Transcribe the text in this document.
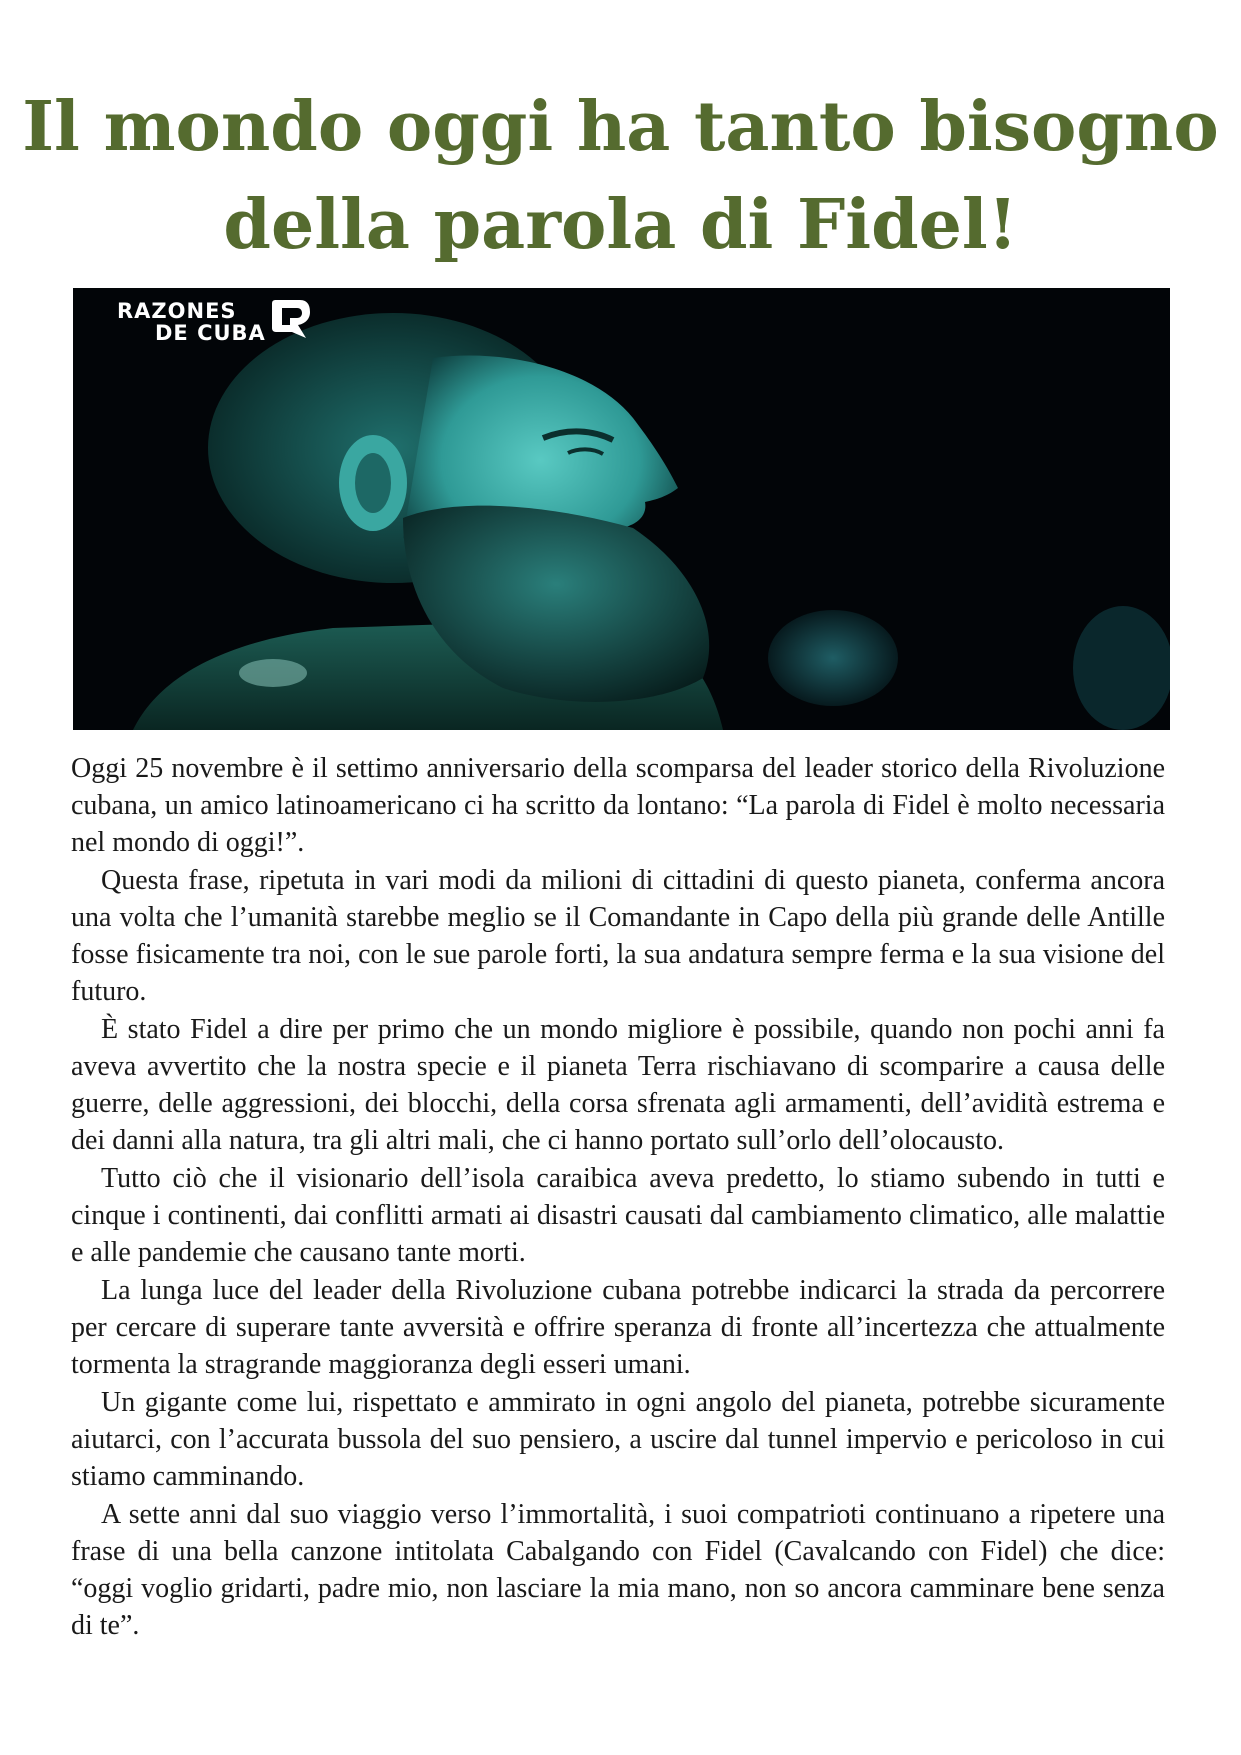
Il mondo oggi ha tanto bisogno
della parola di Fidel!
RAZONES
DE CUBA

Oggi 25 novembre è il settimo anniversario della scomparsa del leader storico della Rivoluzione cubana, un amico latinoamericano ci ha scritto da lontano: “La parola di Fidel è molto necessaria nel mondo di oggi!”.

Questa frase, ripetuta in vari modi da milioni di cittadini di questo pianeta, conferma ancora una volta che l’umanità starebbe meglio se il Comandante in Capo della più grande delle Antille fosse fisicamente tra noi, con le sue parole forti, la sua andatura sempre ferma e la sua visione del futuro.

È stato Fidel a dire per primo che un mondo migliore è possibile, quando non pochi anni fa aveva avvertito che la nostra specie e il pianeta Terra rischiavano di scomparire a causa delle guerre, delle aggressioni, dei blocchi, della corsa sfrenata agli armamenti, dell’avidità estrema e dei danni alla natura, tra gli altri mali, che ci hanno portato sull’orlo dell’olocausto.

Tutto ciò che il visionario dell’isola caraibica aveva predetto, lo stiamo subendo in tutti e cinque i continenti, dai conflitti armati ai disastri causati dal cambiamento climatico, alle malattie e alle pandemie che causano tante morti.

La lunga luce del leader della Rivoluzione cubana potrebbe indicarci la strada da percorrere per cercare di superare tante avversità e offrire speranza di fronte all’incertezza che attualmente tormenta la stragrande maggioranza degli esseri umani.

Un gigante come lui, rispettato e ammirato in ogni angolo del pianeta, potrebbe sicuramente aiutarci, con l’accurata bussola del suo pensiero, a uscire dal tunnel impervio e pericoloso in cui stiamo camminando.

A sette anni dal suo viaggio verso l’immortalità, i suoi compatrioti continuano a ripetere una frase di una bella canzone intitolata Cabalgando con Fidel (Cavalcando con Fidel) che dice: “oggi voglio gridarti, padre mio, non lasciare la mia mano, non so ancora camminare bene senza di te”.
